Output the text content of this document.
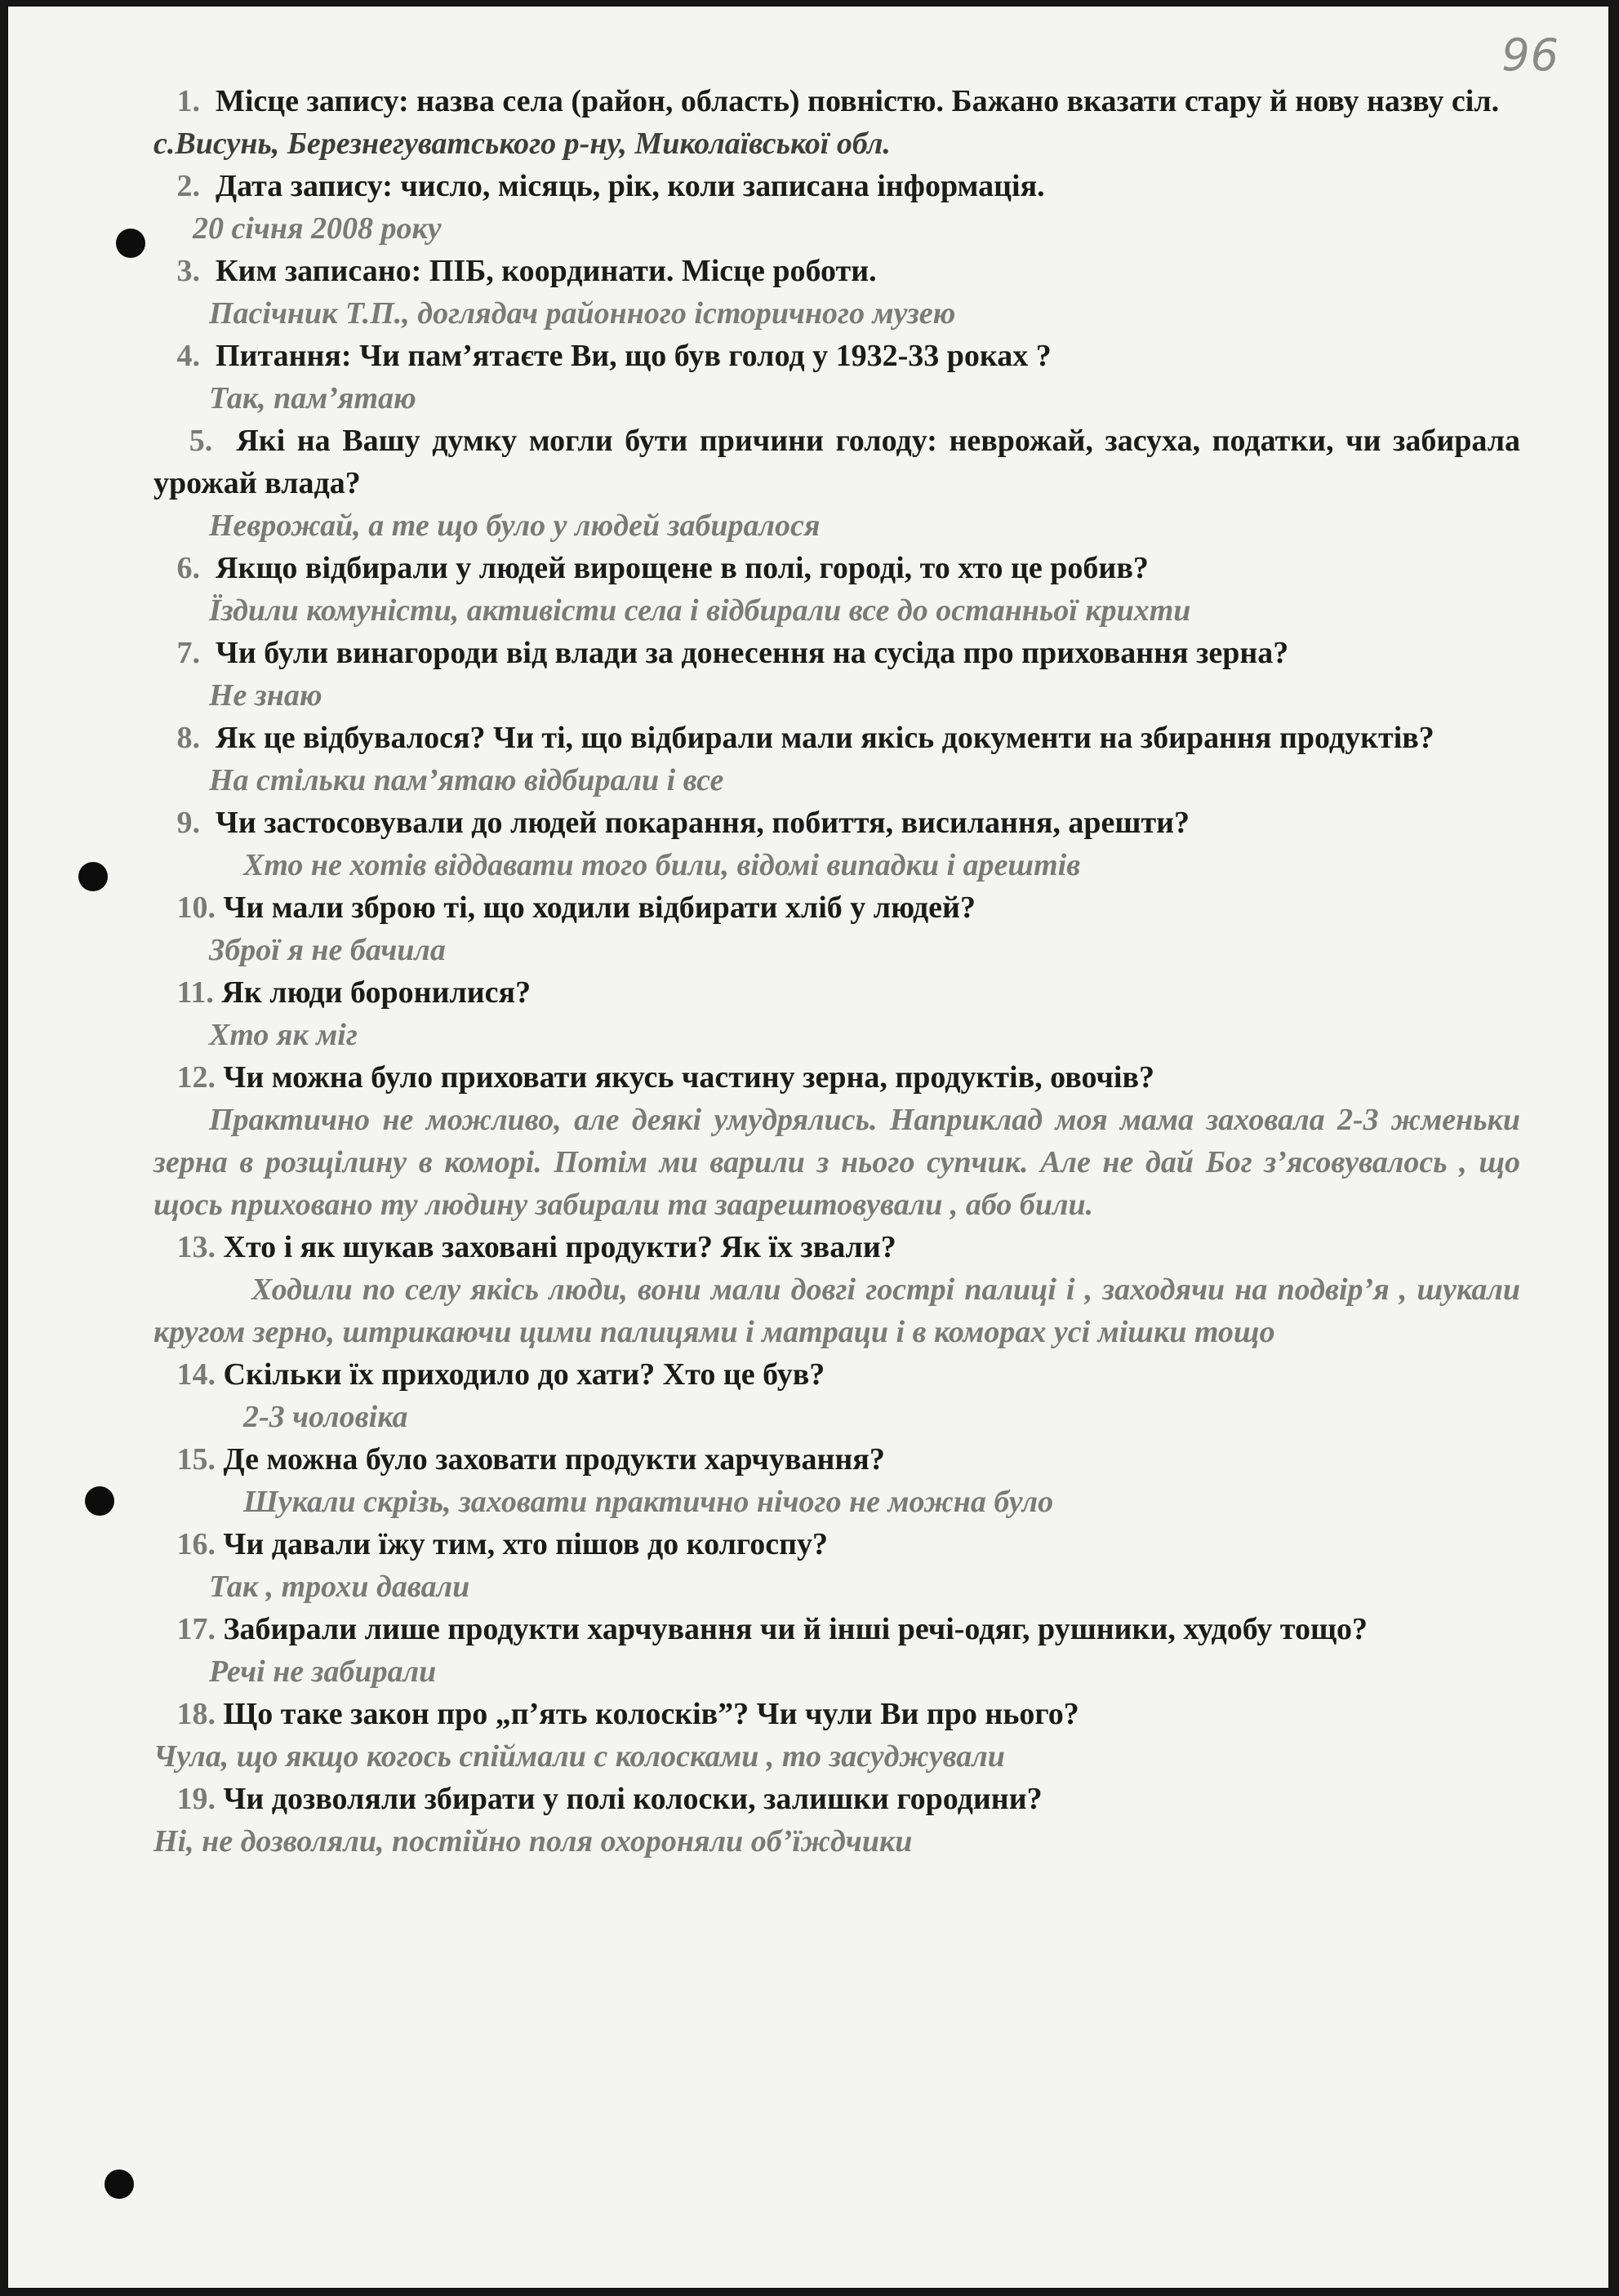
96

1. Місце запису: назва села (район, область) повністю. Бажано вказати стару й нову назву сіл.

с.Висунь, Березнегуватського р-ну, Миколаївської обл.

2. Дата запису: число, місяць, рік, коли записана інформація.

20 січня 2008 року

3. Ким записано: ПІБ, координати. Місце роботи.

Пасічник Т.П., доглядач районного історичного музею

4. Питання: Чи пам’ятаєте Ви, що був голод у 1932-33 роках ?

Так, пам’ятаю

5. Які на Вашу думку могли бути причини голоду: неврожай, засуха, податки, чи забирала урожай влада?

Неврожай, а те що було у людей забиралося

6. Якщо відбирали у людей вирощене в полі, городі, то хто це робив?

Їздили комуністи, активісти села і відбирали все до останньої крихти

7. Чи були винагороди від влади за донесення на сусіда про приховання зерна?

Не знаю

8. Як це відбувалося? Чи ті, що відбирали мали якісь документи на збирання продуктів?

На стільки пам’ятаю відбирали і все

9. Чи застосовували до людей покарання, побиття, висилання, арешти?

Хто не хотів віддавати того били, відомі випадки і арештів

10. Чи мали зброю ті, що ходили відбирати хліб у людей?

Зброї я не бачила

11. Як люди боронилися?

Хто як міг

12. Чи можна було приховати якусь частину зерна, продуктів, овочів?

Практично не можливо, але деякі умудрялись. Наприклад моя мама заховала 2-3 жменьки зерна в розщілину в коморі. Потім ми варили з нього супчик. Але не дай Бог з’ясовувалось , що щось приховано ту людину забирали та заарештовували , або били.

13. Хто і як шукав заховані продукти? Як їх звали?

Ходили по селу якісь люди, вони мали довгі гострі палиці і , заходячи на подвір’я , шукали кругом зерно, штрикаючи цими палицями і матраци і в коморах усі мішки тощо

14. Скільки їх приходило до хати? Хто це був?

2-3 чоловіка

15. Де можна було заховати продукти харчування?

Шукали скрізь, заховати практично нічого не можна було

16. Чи давали їжу тим, хто пішов до колгоспу?

Так , трохи давали

17. Забирали лише продукти харчування чи й інші речі-одяг, рушники, худобу тощо?

Речі не забирали

18. Що таке закон про „п’ять колосків”? Чи чули Ви про нього?

Чула, що якщо когось спіймали с колосками , то засуджували

19. Чи дозволяли збирати у полі колоски, залишки городини?

Ні, не дозволяли, постійно поля охороняли об’їждчики
